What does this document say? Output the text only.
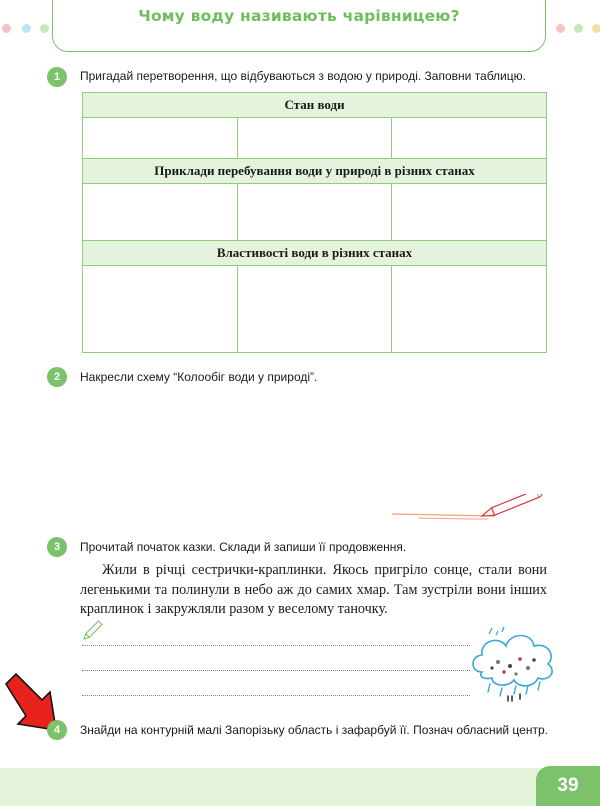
Чому воду називають чарівницею?
1	Пригадай перетворення, що відбуваються з водою у природі. Заповни таблицю.
Стан води		

Приклади перебування води у природі в різних станах		

Властивості води в різних станах		

2	Накресли схему “Колообіг води у природі”.
3	Прочитай початок казки. Склади й запиши її продовження.
Жили в річці сестрички-краплинки. Якось пригріло сонце, стали вони легенькими та полинули в небо аж до самих хмар. Там зустріли вони інших краплинок і закружляли разом у веселому таночку.
4	Знайди на контурній малі Запорізьку область і зафарбуй її. Познач обласний центр.
39
